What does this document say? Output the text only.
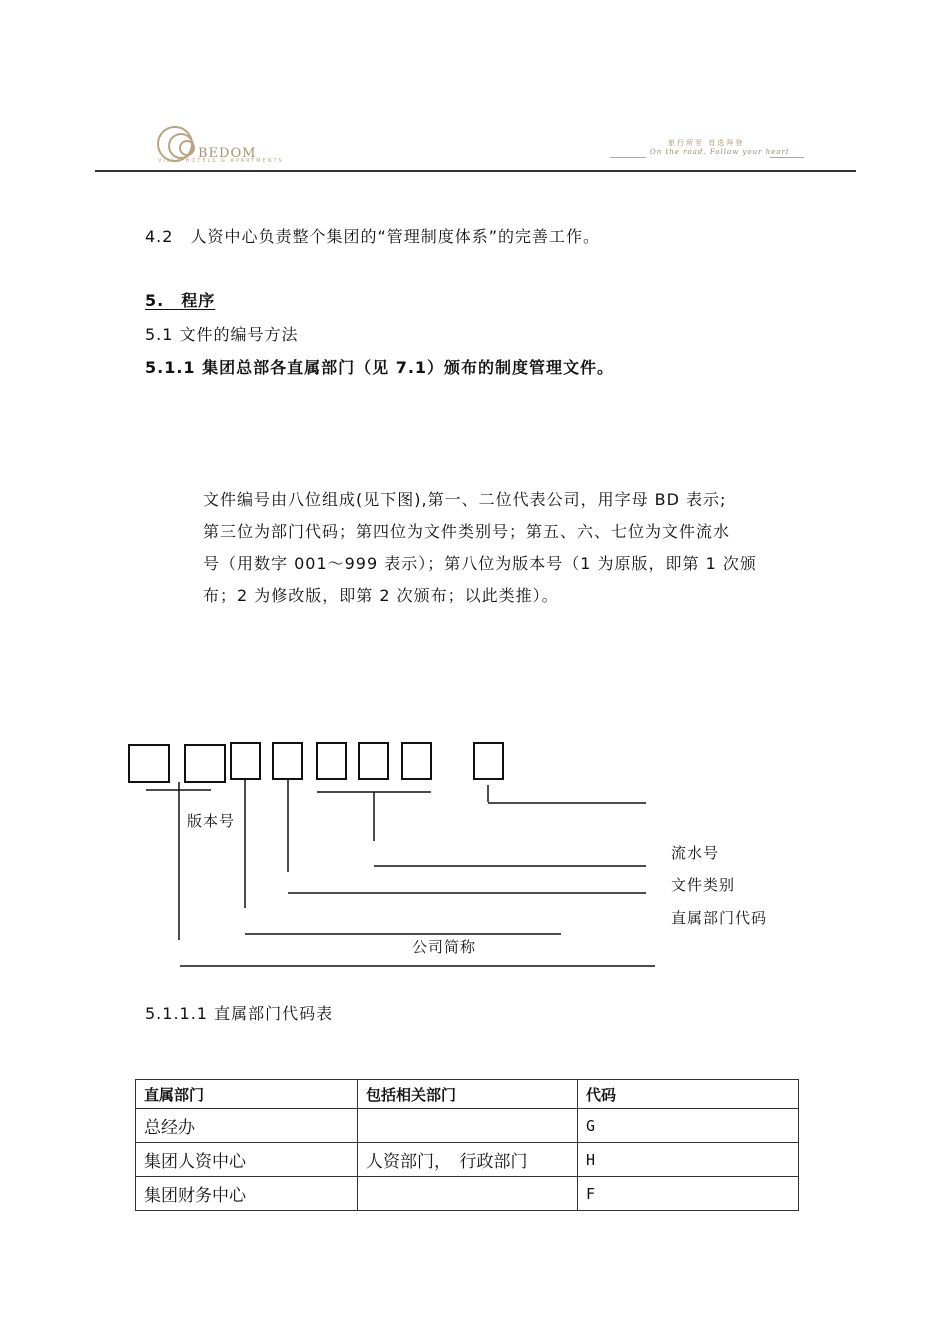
BEDOM
VILLA HOTELS & APARTMENTS
旅行所至 首选拜登
On the road, Follow your heart
4.2　人资中心负责整个集团的“管理制度体系”的完善工作。
5.　程序
5.1 文件的编号方法
5.1.1 集团总部各直属部门（见 7.1）颁布的制度管理文件。
文件编号由八位组成(见下图),第一、二位代表公司，用字母 BD 表示;
第三位为部门代码；第四位为文件类别号；第五、六、七位为文件流水
号（用数字 001～999 表示）；第八位为版本号（1 为原版，即第 1 次颁
布；2 为修改版，即第 2 次颁布；以此类推）。
版本号
流水号
文件类别
直属部门代码
公司简称
5.1.1.1 直属部门代码表
直属部门	包括相关部门	代码
总经办		G
集团人资中心	人资部门，　行政部门	H
集团财务中心		F
